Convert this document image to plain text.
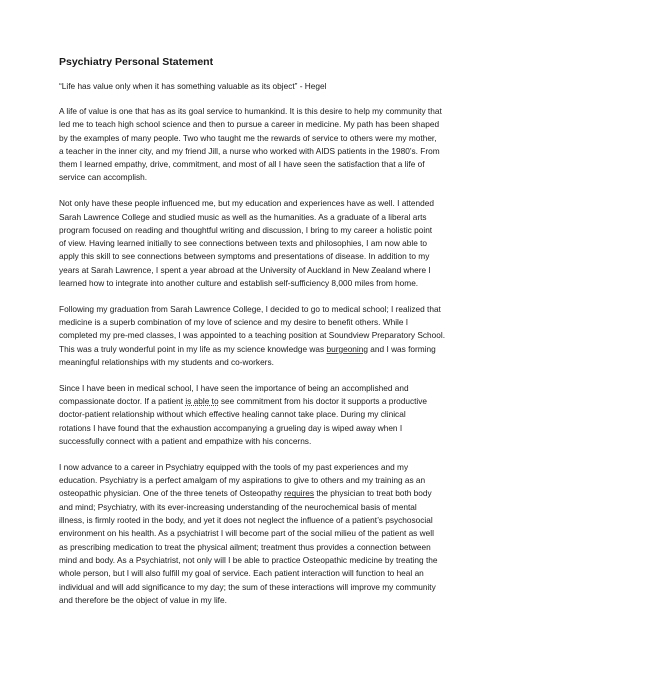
Psychiatry Personal Statement
“Life has value only when it has something valuable as its object” - Hegel
A life of value is one that has as its goal service to humankind. It is this desire to help my community that
led me to teach high school science and then to pursue a career in medicine. My path has been shaped
by the examples of many people. Two who taught me the rewards of service to others were my mother,
a teacher in the inner city, and my friend Jill, a nurse who worked with AIDS patients in the 1980’s. From
them I learned empathy, drive, commitment, and most of all I have seen the satisfaction that a life of
service can accomplish.
Not only have these people influenced me, but my education and experiences have as well. I attended
Sarah Lawrence College and studied music as well as the humanities. As a graduate of a liberal arts
program focused on reading and thoughtful writing and discussion, I bring to my career a holistic point
of view. Having learned initially to see connections between texts and philosophies, I am now able to
apply this skill to see connections between symptoms and presentations of disease. In addition to my
years at Sarah Lawrence, I spent a year abroad at the University of Auckland in New Zealand where I
learned how to integrate into another culture and establish self-sufficiency 8,000 miles from home.
Following my graduation from Sarah Lawrence College, I decided to go to medical school; I realized that
medicine is a superb combination of my love of science and my desire to benefit others. While I
completed my pre-med classes, I was appointed to a teaching position at Soundview Preparatory School.
This was a truly wonderful point in my life as my science knowledge was burgeoning and I was forming
meaningful relationships with my students and co-workers.
Since I have been in medical school, I have seen the importance of being an accomplished and
compassionate doctor. If a patient is able to see commitment from his doctor it supports a productive
doctor-patient relationship without which effective healing cannot take place. During my clinical
rotations I have found that the exhaustion accompanying a grueling day is wiped away when I
successfully connect with a patient and empathize with his concerns.
I now advance to a career in Psychiatry equipped with the tools of my past experiences and my
education. Psychiatry is a perfect amalgam of my aspirations to give to others and my training as an
osteopathic physician. One of the three tenets of Osteopathy requires the physician to treat both body
and mind; Psychiatry, with its ever-increasing understanding of the neurochemical basis of mental
illness, is firmly rooted in the body, and yet it does not neglect the influence of a patient’s psychosocial
environment on his health. As a psychiatrist I will become part of the social milieu of the patient as well
as prescribing medication to treat the physical ailment; treatment thus provides a connection between
mind and body. As a Psychiatrist, not only will I be able to practice Osteopathic medicine by treating the
whole person, but I will also fulfill my goal of service. Each patient interaction will function to heal an
individual and will add significance to my day; the sum of these interactions will improve my community
and therefore be the object of value in my life.
